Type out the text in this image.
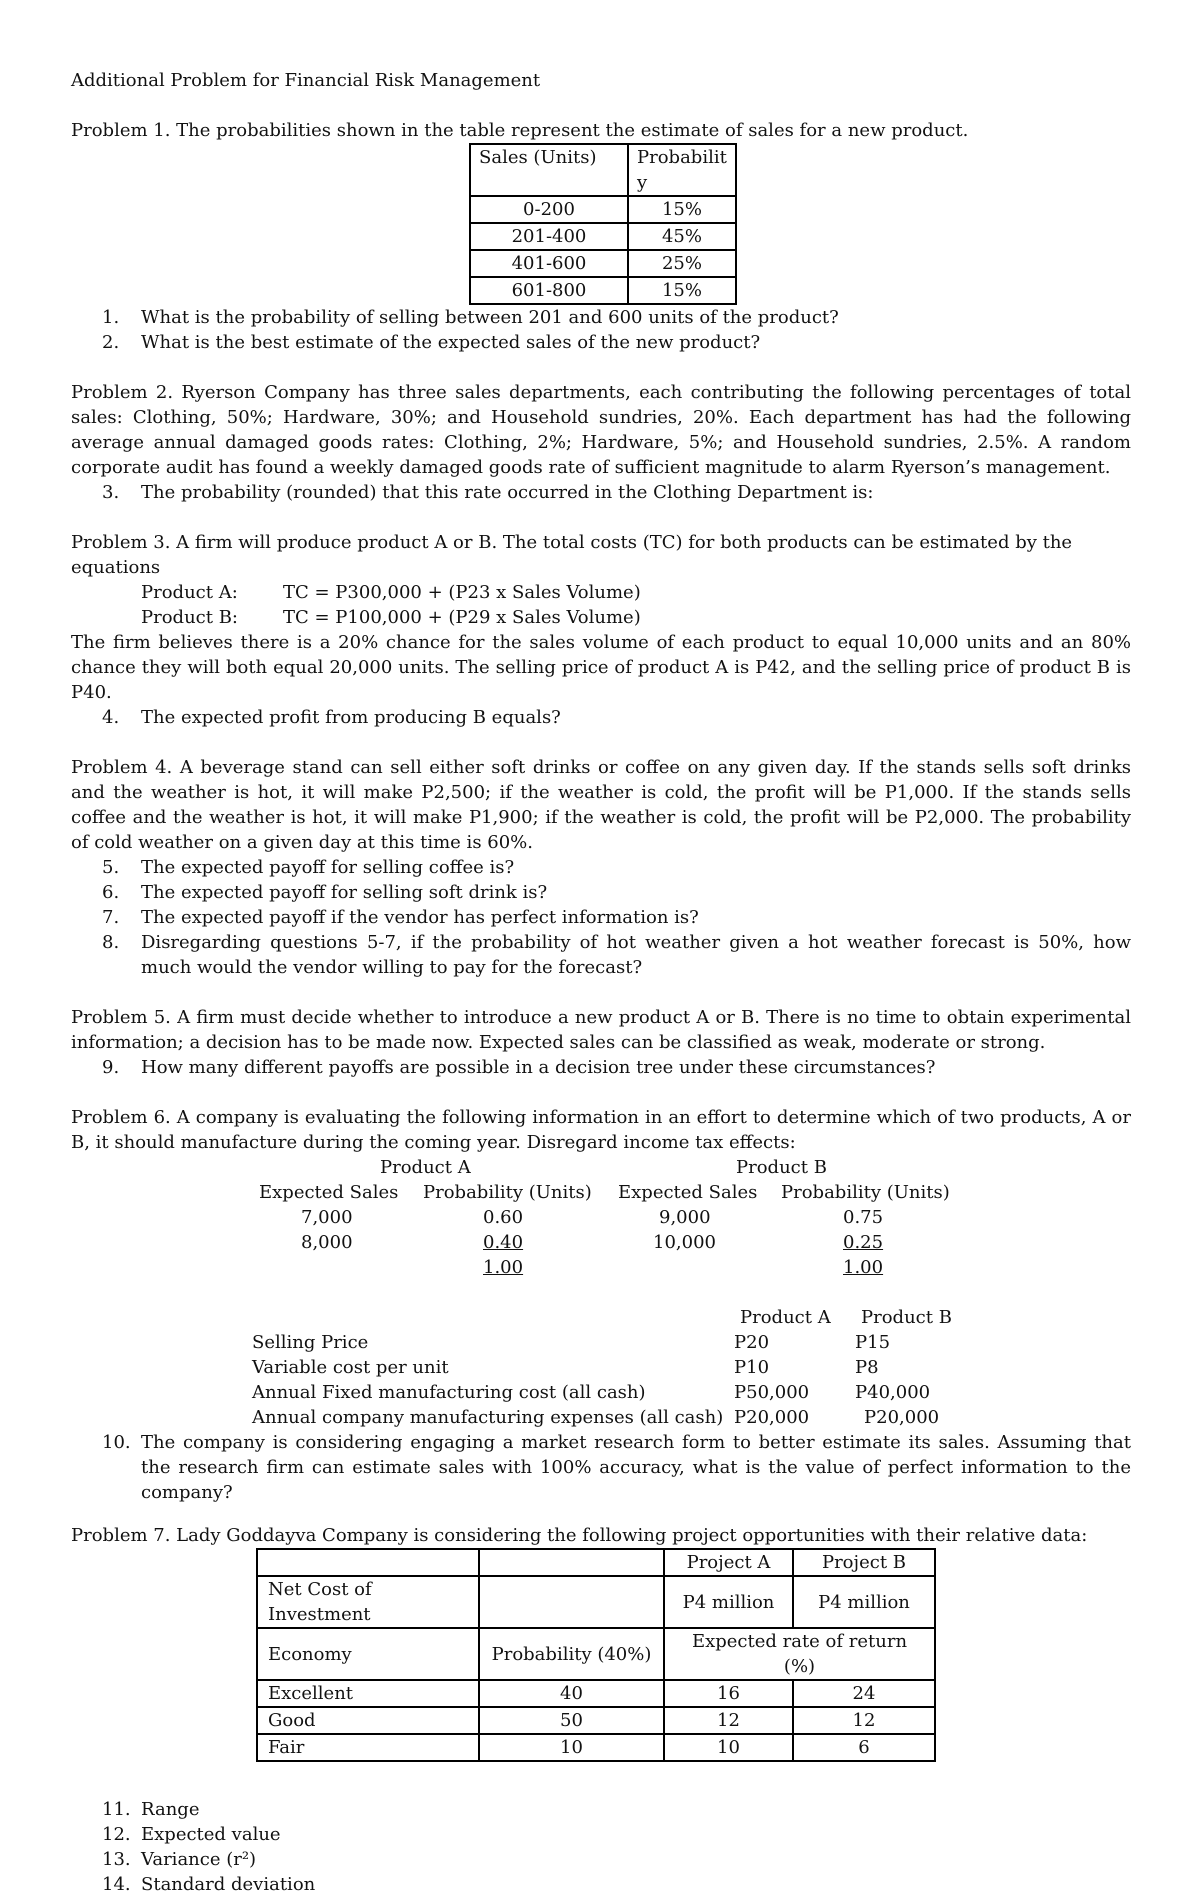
Additional Problem for Financial Risk Management

Problem 1. The probabilities shown in the table represent the estimate of sales for a new product.

Sales (Units)	Probabilit y
0-200	15%
201-400	45%
401-600	25%
601-800	15%
1. What is the probability of selling between 201 and 600 units of the product?
2. What is the best estimate of the expected sales of the new product?

Problem 2. Ryerson Company has three sales departments, each contributing the following percentages of total sales: Clothing, 50%; Hardware, 30%; and Household sundries, 20%. Each department has had the following average annual damaged goods rates: Clothing, 2%; Hardware, 5%; and Household sundries, 2.5%. A random corporate audit has found a weekly damaged goods rate of sufficient magnitude to alarm Ryerson’s management.

3. The probability (rounded) that this rate occurred in the Clothing Department is:

Problem 3. A firm will produce product A or B. The total costs (TC) for both products can be estimated by the equations

Product A:	TC = P300,000 + (P23 x Sales Volume)

Product B:	TC = P100,000 + (P29 x Sales Volume)

The firm believes there is a 20% chance for the sales volume of each product to equal 10,000 units and an 80% chance they will both equal 20,000 units. The selling price of product A is P42, and the selling price of product B is P40.

4. The expected profit from producing B equals?

Problem 4. A beverage stand can sell either soft drinks or coffee on any given day. If the stands sells soft drinks and the weather is hot, it will make P2,500; if the weather is cold, the profit will be P1,000. If the stands sells coffee and the weather is hot, it will make P1,900; if the weather is cold, the profit will be P2,000. The probability of cold weather on a given day at this time is 60%.

5. The expected payoff for selling coffee is?
6. The expected payoff for selling soft drink is?
7. The expected payoff if the vendor has perfect information is?
8. Disregarding questions 5-7, if the probability of hot weather given a hot weather forecast is 50%, how much would the vendor willing to pay for the forecast?

Problem 5. A firm must decide whether to introduce a new product A or B. There is no time to obtain experimental information; a decision has to be made now. Expected sales can be classified as weak, moderate or strong.

9. How many different payoffs are possible in a decision tree under these circumstances?

Problem 6. A company is evaluating the following information in an effort to determine which of two products, A or B, it should manufacture during the coming year. Disregard income tax effects:

Product A	Product B
Expected Sales Probability (Units) Expected Sales Probability (Units)
7,000	0.60	9,000	0.75
8,000	0.40	10,000	0.25
1.00	1.00
Product A Product B
Selling Price	P20	P15
Variable cost per unit	P10	P8
Annual Fixed manufacturing cost (all cash)	P50,000	P40,000
Annual company manufacturing expenses (all cash) P20,000	P20,000
10. The company is considering engaging a market research form to better estimate its sales. Assuming that the research firm can estimate sales with 100% accuracy, what is the value of perfect information to the company?

Problem 7. Lady Goddayva Company is considering the following project opportunities with their relative data:

		Project A	Project B
Net Cost of Investment		P4 million	P4 million
Economy	Probability (40%)	Expected rate of return (%)	
Excellent	40	16	24
Good	50	12	12
Fair	10	10	6
11. Range
12. Expected value
13. Variance (r²)
14. Standard deviation
